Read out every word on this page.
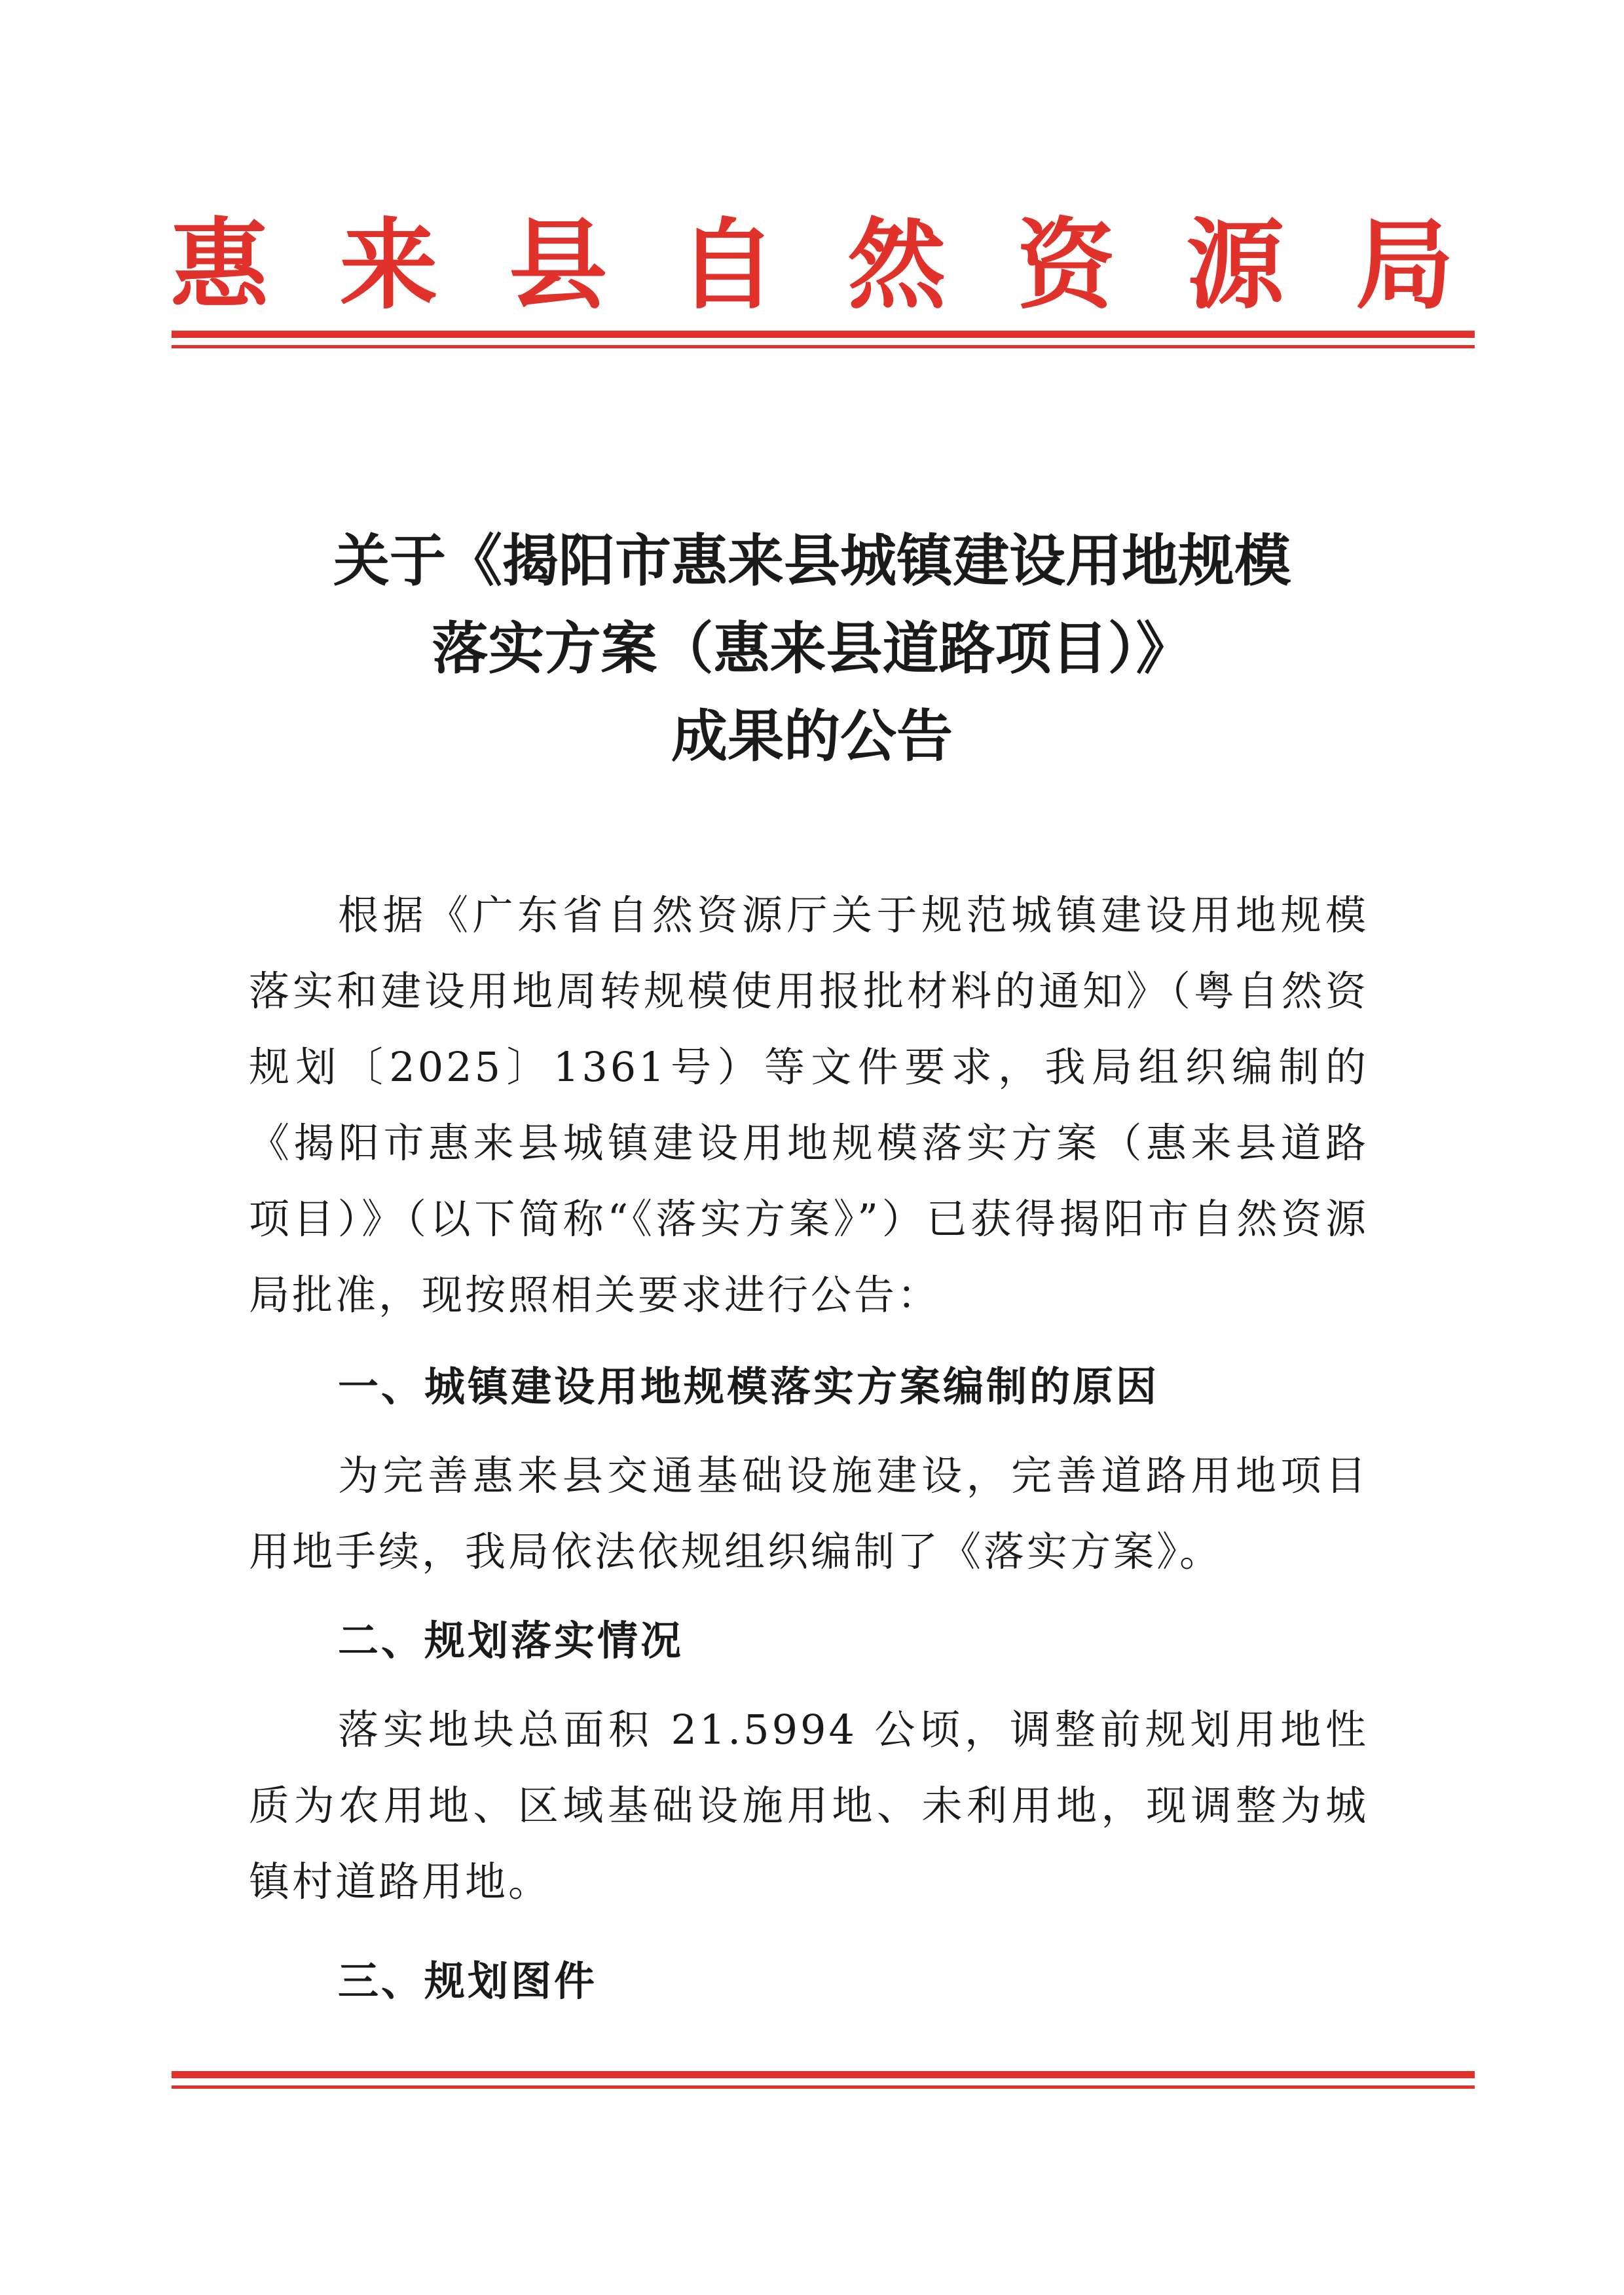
惠 来 县 自 然 资 源 局
关于《揭阳市惠来县城镇建设用地规模
落实方案（惠来县道路项目）》
成果的公告

根据《广东省自然资源厅关于规范城镇建设用地规模落实和建设用地周转规模使用报批材料的通知》（粤自然资规划〔2025〕1361号）等文件要求，我局组织编制的《揭阳市惠来县城镇建设用地规模落实方案（惠来县道路项目）》（以下简称“《落实方案》”）已获得揭阳市自然资源局批准，现按照相关要求进行公告：

一、城镇建设用地规模落实方案编制的原因

为完善惠来县交通基础设施建设，完善道路用地项目用地手续，我局依法依规组织编制了《落实方案》。

二、规划落实情况

落实地块总面积 21.5994 公顷，调整前规划用地性质为农用地、区域基础设施用地、未利用地，现调整为城镇村道路用地。

三、规划图件
